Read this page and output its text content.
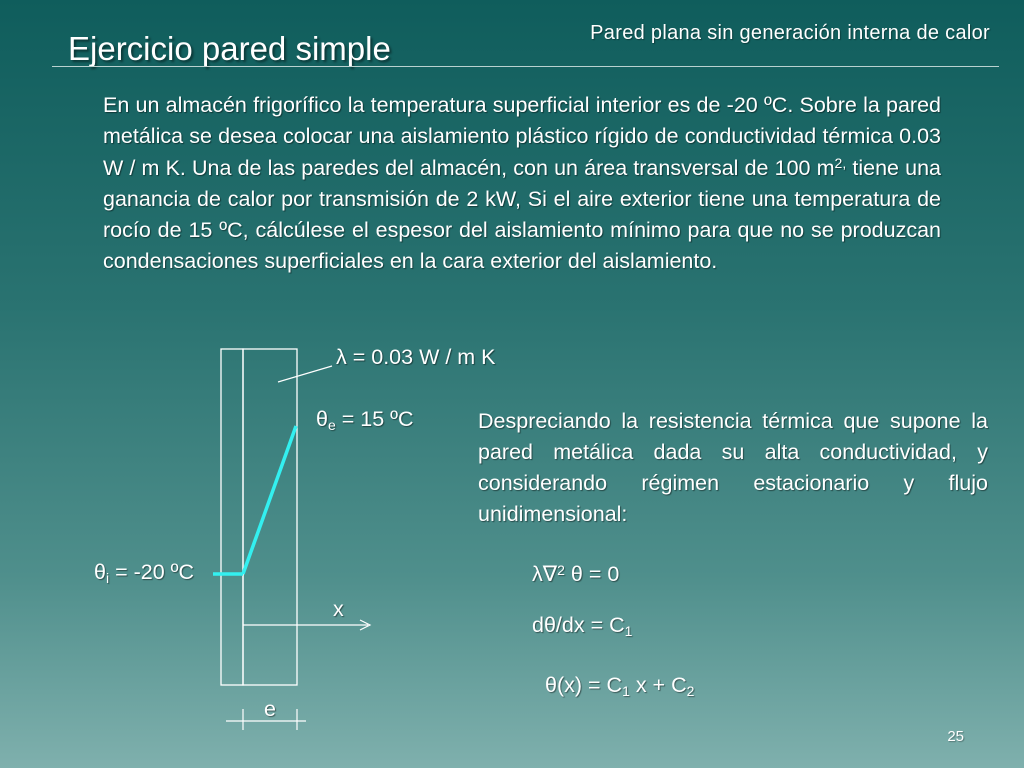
Pared plana sin generación interna de calor
Ejercicio pared simple
En un almacén frigorífico la temperatura superficial interior es de -20 ºC. Sobre la pared metálica se desea colocar una aislamiento plástico rígido de conductividad térmica 0.03 W / m K. Una de las paredes del almacén, con un área transversal de 100 $m^{2,}$ tiene una ganancia de calor por transmisión de 2 kW, Si el aire exterior tiene una temperatura de rocío de 15 ºC, cálcúlese el espesor del aislamiento mínimo para que no se produzcan condensaciones superficiales en la cara exterior del aislamiento.
λ = 0.03 W / m K
$\theta_e = 15$ ºC
$\theta_i = -20$ ºC
x
e
Despreciando la resistencia térmica que supone la pared metálica dada su alta conductividad, y considerando régimen estacionario y flujo unidimensional:
λ∇$^2$ θ = 0
$d\theta/dx = C_1$
$\theta(x) = C_1$ $x + C_2$
25
